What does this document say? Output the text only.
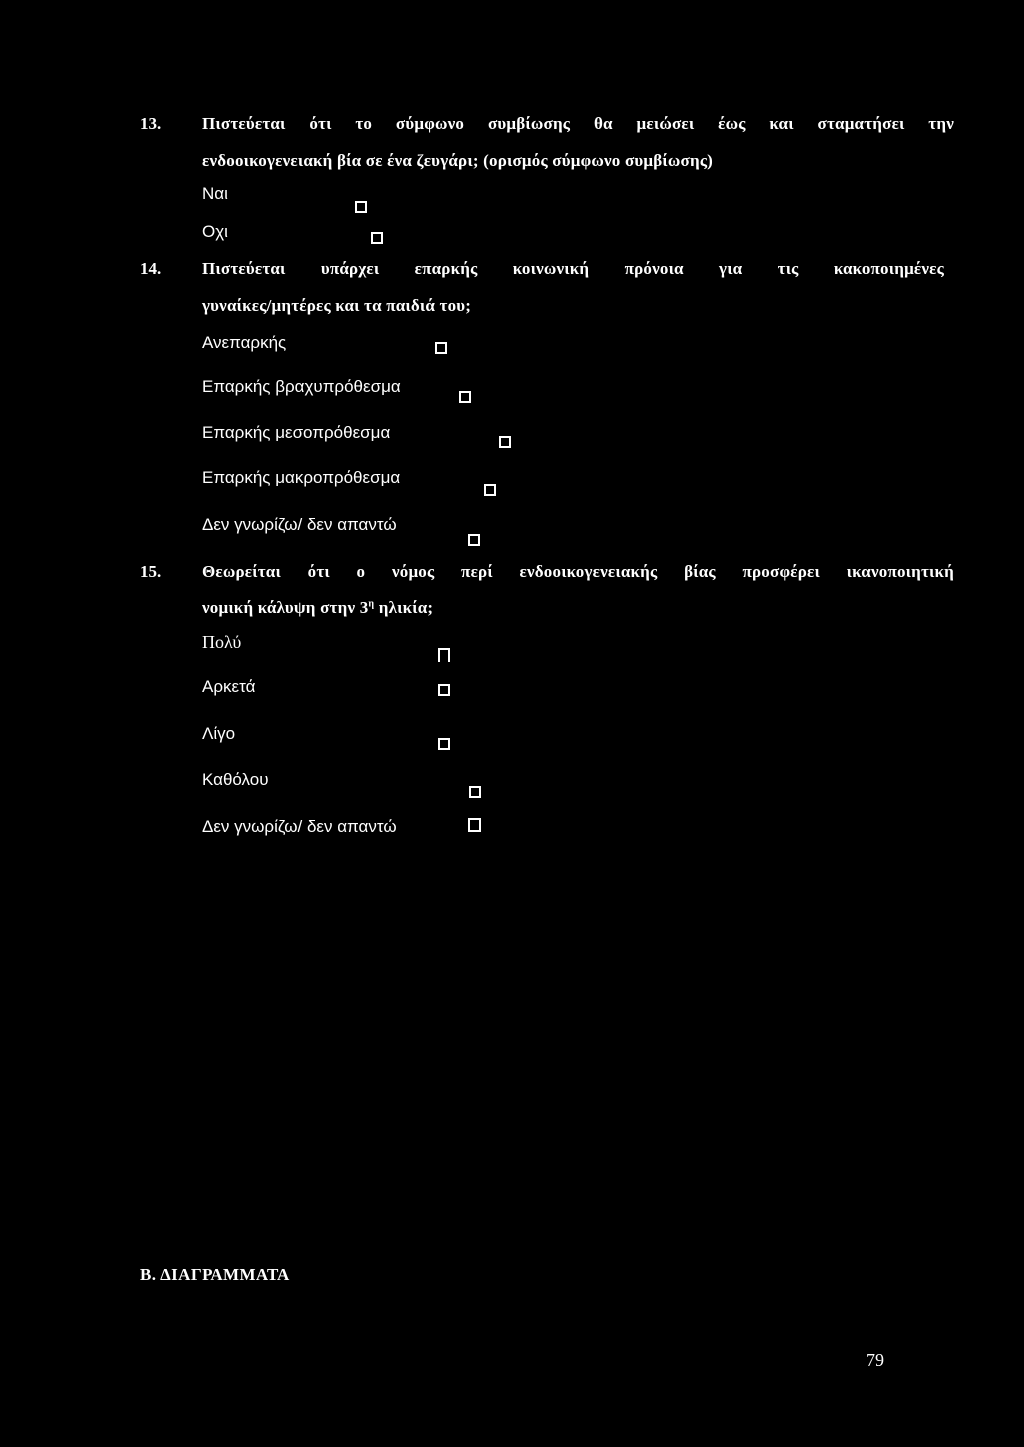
13. Πιστεύεται ότι το σύμφωνο συμβίωσης θα μειώσει έως και σταματήσει την
ενδοοικογενειακή βία σε ένα ζευγάρι; (ορισμός σύμφωνο συμβίωσης)
Ναι
Οχι
14. Πιστεύεται υπάρχει επαρκής κοινωνική πρόνοια για τις κακοποιημένες
γυναίκες/μητέρες και τα παιδιά του;
Ανεπαρκής
Επαρκής βραχυπρόθεσμα
Επαρκής μεσοπρόθεσμα
Επαρκής μακροπρόθεσμα
Δεν γνωρίζω/ δεν απαντώ
15. Θεωρείται ότι ο νόμος περί ενδοοικογενειακής βίας προσφέρει ικανοποιητική
νομική κάλυψη στην $3^\eta$ ηλικία;
Πολύ
Αρκετά
Λίγο
Καθόλου
Δεν γνωρίζω/ δεν απαντώ
Β. ΔΙΑΓΡΑΜΜΑΤΑ
79
